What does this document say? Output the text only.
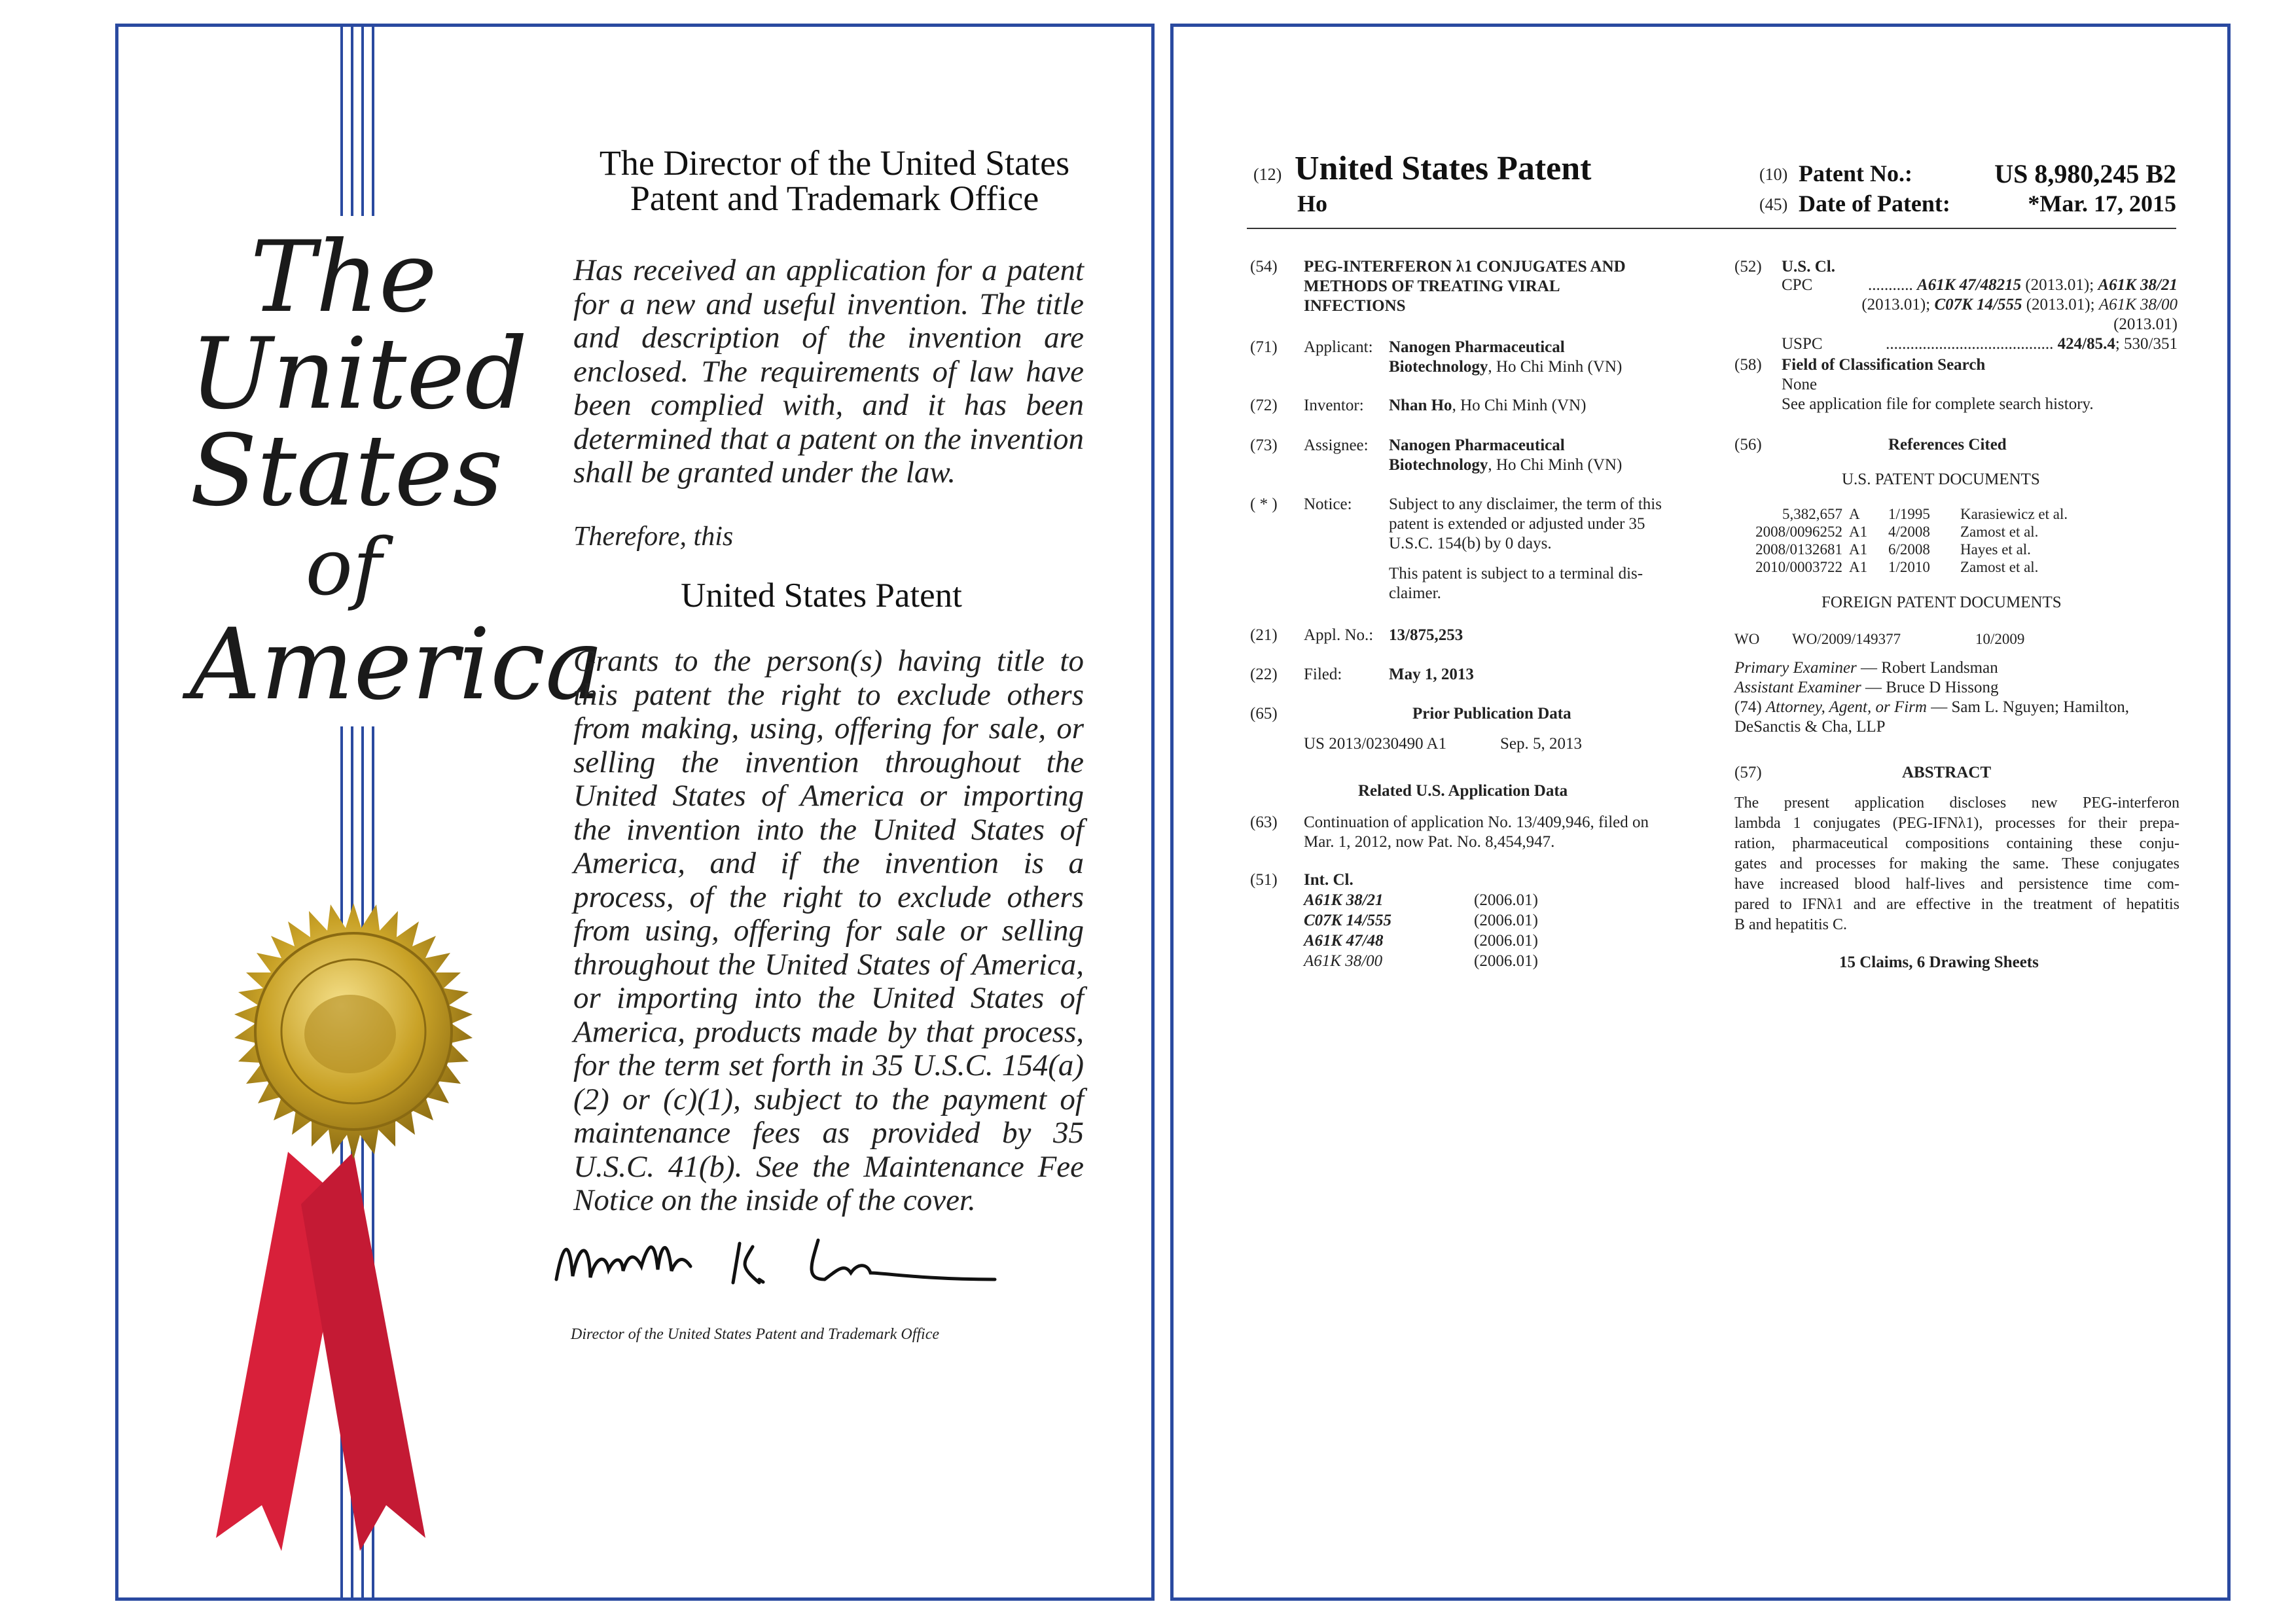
The
United
States
of
America
The Director of the United States
Patent and Trademark Office
Has received an application for a patent for a new and useful invention. The title and description of the invention are enclosed. The requirements of law have been complied with, and it has been determined that a patent on the invention shall be granted under the law.
Therefore, this
United States Patent
Grants to the person(s) having title to this patent the right to exclude others from making, using, offering for sale, or selling the invention throughout the United States of America or importing the invention into the United States of America, and if the invention is a process, of the right to exclude others from using, offering for sale or selling throughout the United States of America, or importing into the United States of America, products made by that process, for the term set forth in 35 U.S.C. 154(a)(2) or (c)(1), subject to the payment of maintenance fees as provided by 35 U.S.C. 41(b). See the Maintenance Fee Notice on the inside of the cover.
Director of the United States Patent and Trademark Office
(12) United States Patent
Ho
(10) Patent No.:	US 8,980,245 B2
(45) Date of Patent:	*Mar. 17, 2015
(54) PEG-INTERFERON λ1 CONJUGATES AND
METHODS OF TREATING VIRAL
INFECTIONS
(71) Applicant: Nanogen Pharmaceutical
Biotechnology, Ho Chi Minh (VN)
(72) Inventor: Nhan Ho, Ho Chi Minh (VN)
(73) Assignee: Nanogen Pharmaceutical
Biotechnology, Ho Chi Minh (VN)
( * ) Notice: Subject to any disclaimer, the term of this
patent is extended or adjusted under 35
U.S.C. 154(b) by 0 days.
This patent is subject to a terminal dis-
claimer.
(21) Appl. No.: 13/875,253
(22) Filed:	May 1, 2013
(65)	Prior Publication Data
US 2013/0230490 A1	Sep. 5, 2013
Related U.S. Application Data
(63) Continuation of application No. 13/409,946, filed on
Mar. 1, 2012, now Pat. No. 8,454,947.
(51) Int. Cl.
A61K 38/21	(2006.01)
C07K 14/555	(2006.01)
A61K 47/48	(2006.01)
A61K 38/00	(2006.01)
(52) U.S. Cl.
CPC	........... A61K 47/48215 (2013.01); A61K 38/21
(2013.01); C07K 14/555 (2013.01); A61K 38/00
(2013.01)
USPC	......................................... 424/85.4; 530/351
(58) Field of Classification Search
None
See application file for complete search history.
(56)	References Cited
U.S. PATENT DOCUMENTS
5,382,657 A 1/1995 Karasiewicz et al.
2008/0096252 A1 4/2008 Zamost et al.
2008/0132681 A1 6/2008 Hayes et al.
2010/0003722 A1 1/2010 Zamost et al.
FOREIGN PATENT DOCUMENTS
WO WO/2009/149377	10/2009
Primary Examiner — Robert Landsman
Assistant Examiner — Bruce D Hissong
(74) Attorney, Agent, or Firm — Sam L. Nguyen; Hamilton,
DeSanctis & Cha, LLP
(57)	ABSTRACT
The present application discloses new PEG-interferon
lambda 1 conjugates (PEG-IFNλ1), processes for their prepa-
ration, pharmaceutical compositions containing these conju-
gates and processes for making the same. These conjugates
have increased blood half-lives and persistence time com-
pared to IFNλ1 and are effective in the treatment of hepatitis
B and hepatitis C.
15 Claims, 6 Drawing Sheets
